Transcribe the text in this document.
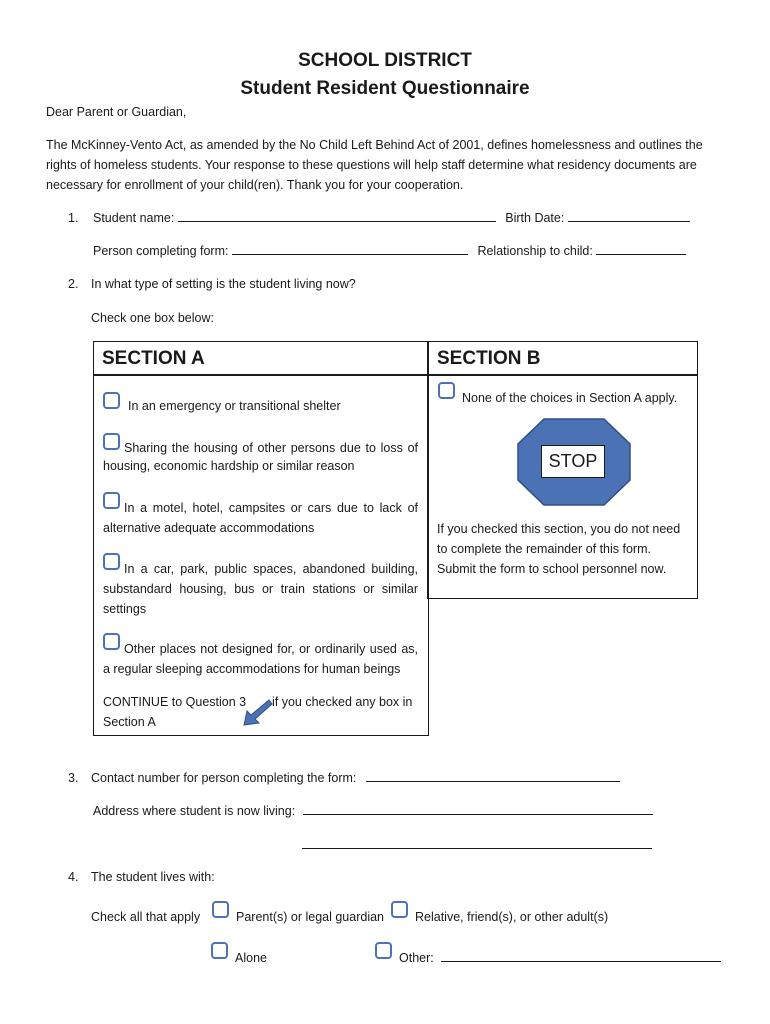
SCHOOL DISTRICT
Student Resident Questionnaire
Dear Parent or Guardian,
The McKinney-Vento Act, as amended by the No Child Left Behind Act of 2001, defines homelessness and outlines the
rights of homeless students. Your response to these questions will help staff determine what residency documents are
necessary for enrollment of your child(ren). Thank you for your cooperation.
1. Student name:	Birth Date:
Person completing form:	Relationship to child:
2. In what type of setting is the student living now?
Check one box below:
SECTION A
In an emergency or transitional shelter
Sharing the housing of other persons due to loss of
housing, economic hardship or similar reason
In a motel, hotel, campsites or cars due to lack of
alternative adequate accommodations
In a car, park, public spaces, abandoned building,
substandard housing, bus or train stations or similar
settings
Other places not designed for, or ordinarily used as,
a regular sleeping accommodations for human beings
CONTINUE to Question 3 if you checked any box in
Section A
SECTION B
None of the choices in Section A apply.
STOP
If you checked this section, you do not need
to complete the remainder of this form.
Submit the form to school personnel now.
3. Contact number for person completing the form:
Address where student is now living:
4. The student lives with:
Check all that apply	Parent(s) or legal guardian Relative, friend(s), or other adult(s)
Alone	Other:
